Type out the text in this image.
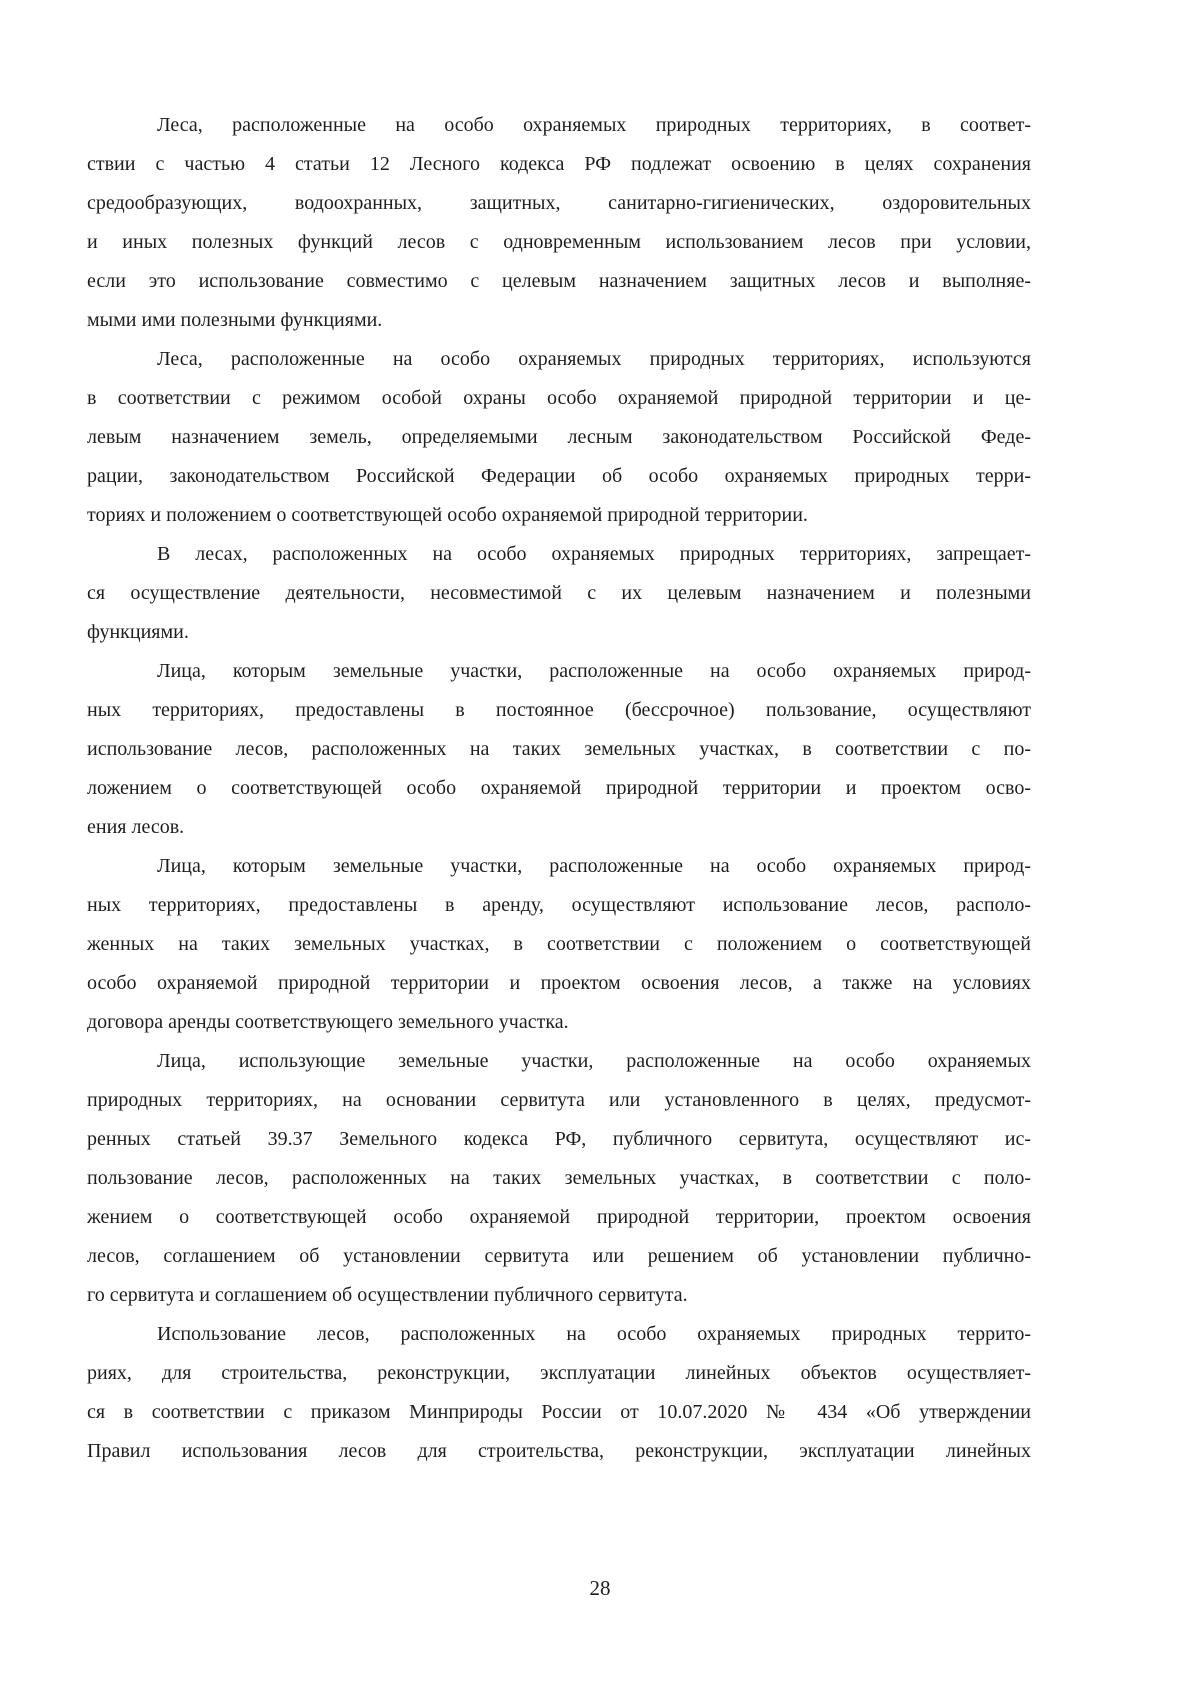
Леса, расположенные на особо охраняемых природных территориях, в соответ-
ствии с частью 4 статьи 12 Лесного кодекса РФ подлежат освоению в целях сохранения
средообразующих, водоохранных, защитных, санитарно-гигиенических, оздоровительных
и иных полезных функций лесов с одновременным использованием лесов при условии,
если это использование совместимо с целевым назначением защитных лесов и выполняе-
мыми ими полезными функциями.
Леса, расположенные на особо охраняемых природных территориях, используются
в соответствии с режимом особой охраны особо охраняемой природной территории и це-
левым назначением земель, определяемыми лесным законодательством Российской Феде-
рации, законодательством Российской Федерации об особо охраняемых природных терри-
ториях и положением о соответствующей особо охраняемой природной территории.
В лесах, расположенных на особо охраняемых природных территориях, запрещает-
ся осуществление деятельности, несовместимой с их целевым назначением и полезными
функциями.
Лица, которым земельные участки, расположенные на особо охраняемых природ-
ных территориях, предоставлены в постоянное (бессрочное) пользование, осуществляют
использование лесов, расположенных на таких земельных участках, в соответствии с по-
ложением о соответствующей особо охраняемой природной территории и проектом осво-
ения лесов.
Лица, которым земельные участки, расположенные на особо охраняемых природ-
ных территориях, предоставлены в аренду, осуществляют использование лесов, располо-
женных на таких земельных участках, в соответствии с положением о соответствующей
особо охраняемой природной территории и проектом освоения лесов, а также на условиях
договора аренды соответствующего земельного участка.
Лица, использующие земельные участки, расположенные на особо охраняемых
природных территориях, на основании сервитута или установленного в целях, предусмот-
ренных статьей 39.37 Земельного кодекса РФ, публичного сервитута, осуществляют ис-
пользование лесов, расположенных на таких земельных участках, в соответствии с поло-
жением о соответствующей особо охраняемой природной территории, проектом освоения
лесов, соглашением об установлении сервитута или решением об установлении публично-
го сервитута и соглашением об осуществлении публичного сервитута.
Использование лесов, расположенных на особо охраняемых природных террито-
риях, для строительства, реконструкции, эксплуатации линейных объектов осуществляет-
ся в соответствии с приказом Минприроды России от 10.07.2020 № 434 «Об утверждении
Правил использования лесов для строительства, реконструкции, эксплуатации линейных
28
